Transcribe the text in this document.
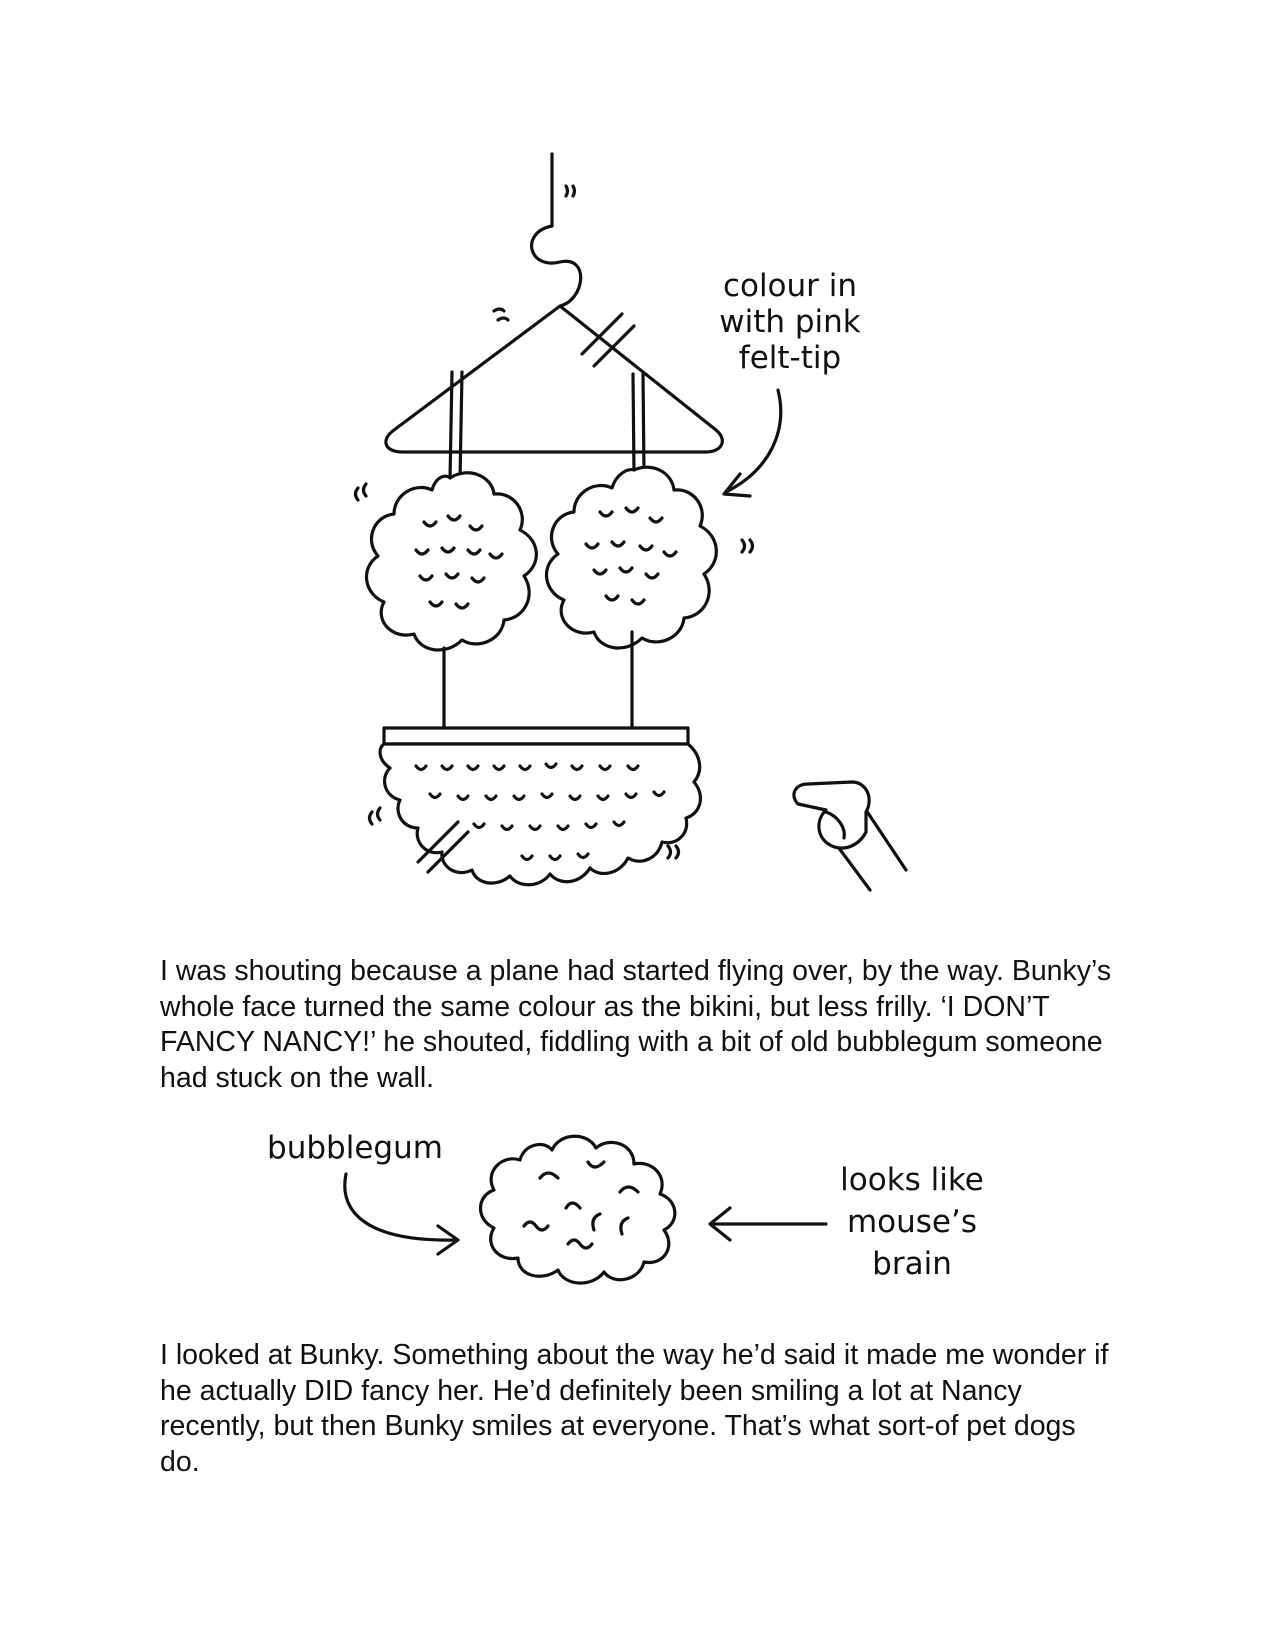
colour in
with pink
felt-tip

I was shouting because a plane had started flying over, by the way. Bunky’s whole face turned the same colour as the bikini, but less frilly. ‘I DON’T FANCY NANCY!’ he shouted, fiddling with a bit of old bubblegum someone had stuck on the wall.

bubblegum
looks like
mouse’s
brain

I looked at Bunky. Something about the way he’d said it made me wonder if he actually DID fancy her. He’d definitely been smiling a lot at Nancy recently, but then Bunky smiles at everyone. That’s what sort-of pet dogs do.
